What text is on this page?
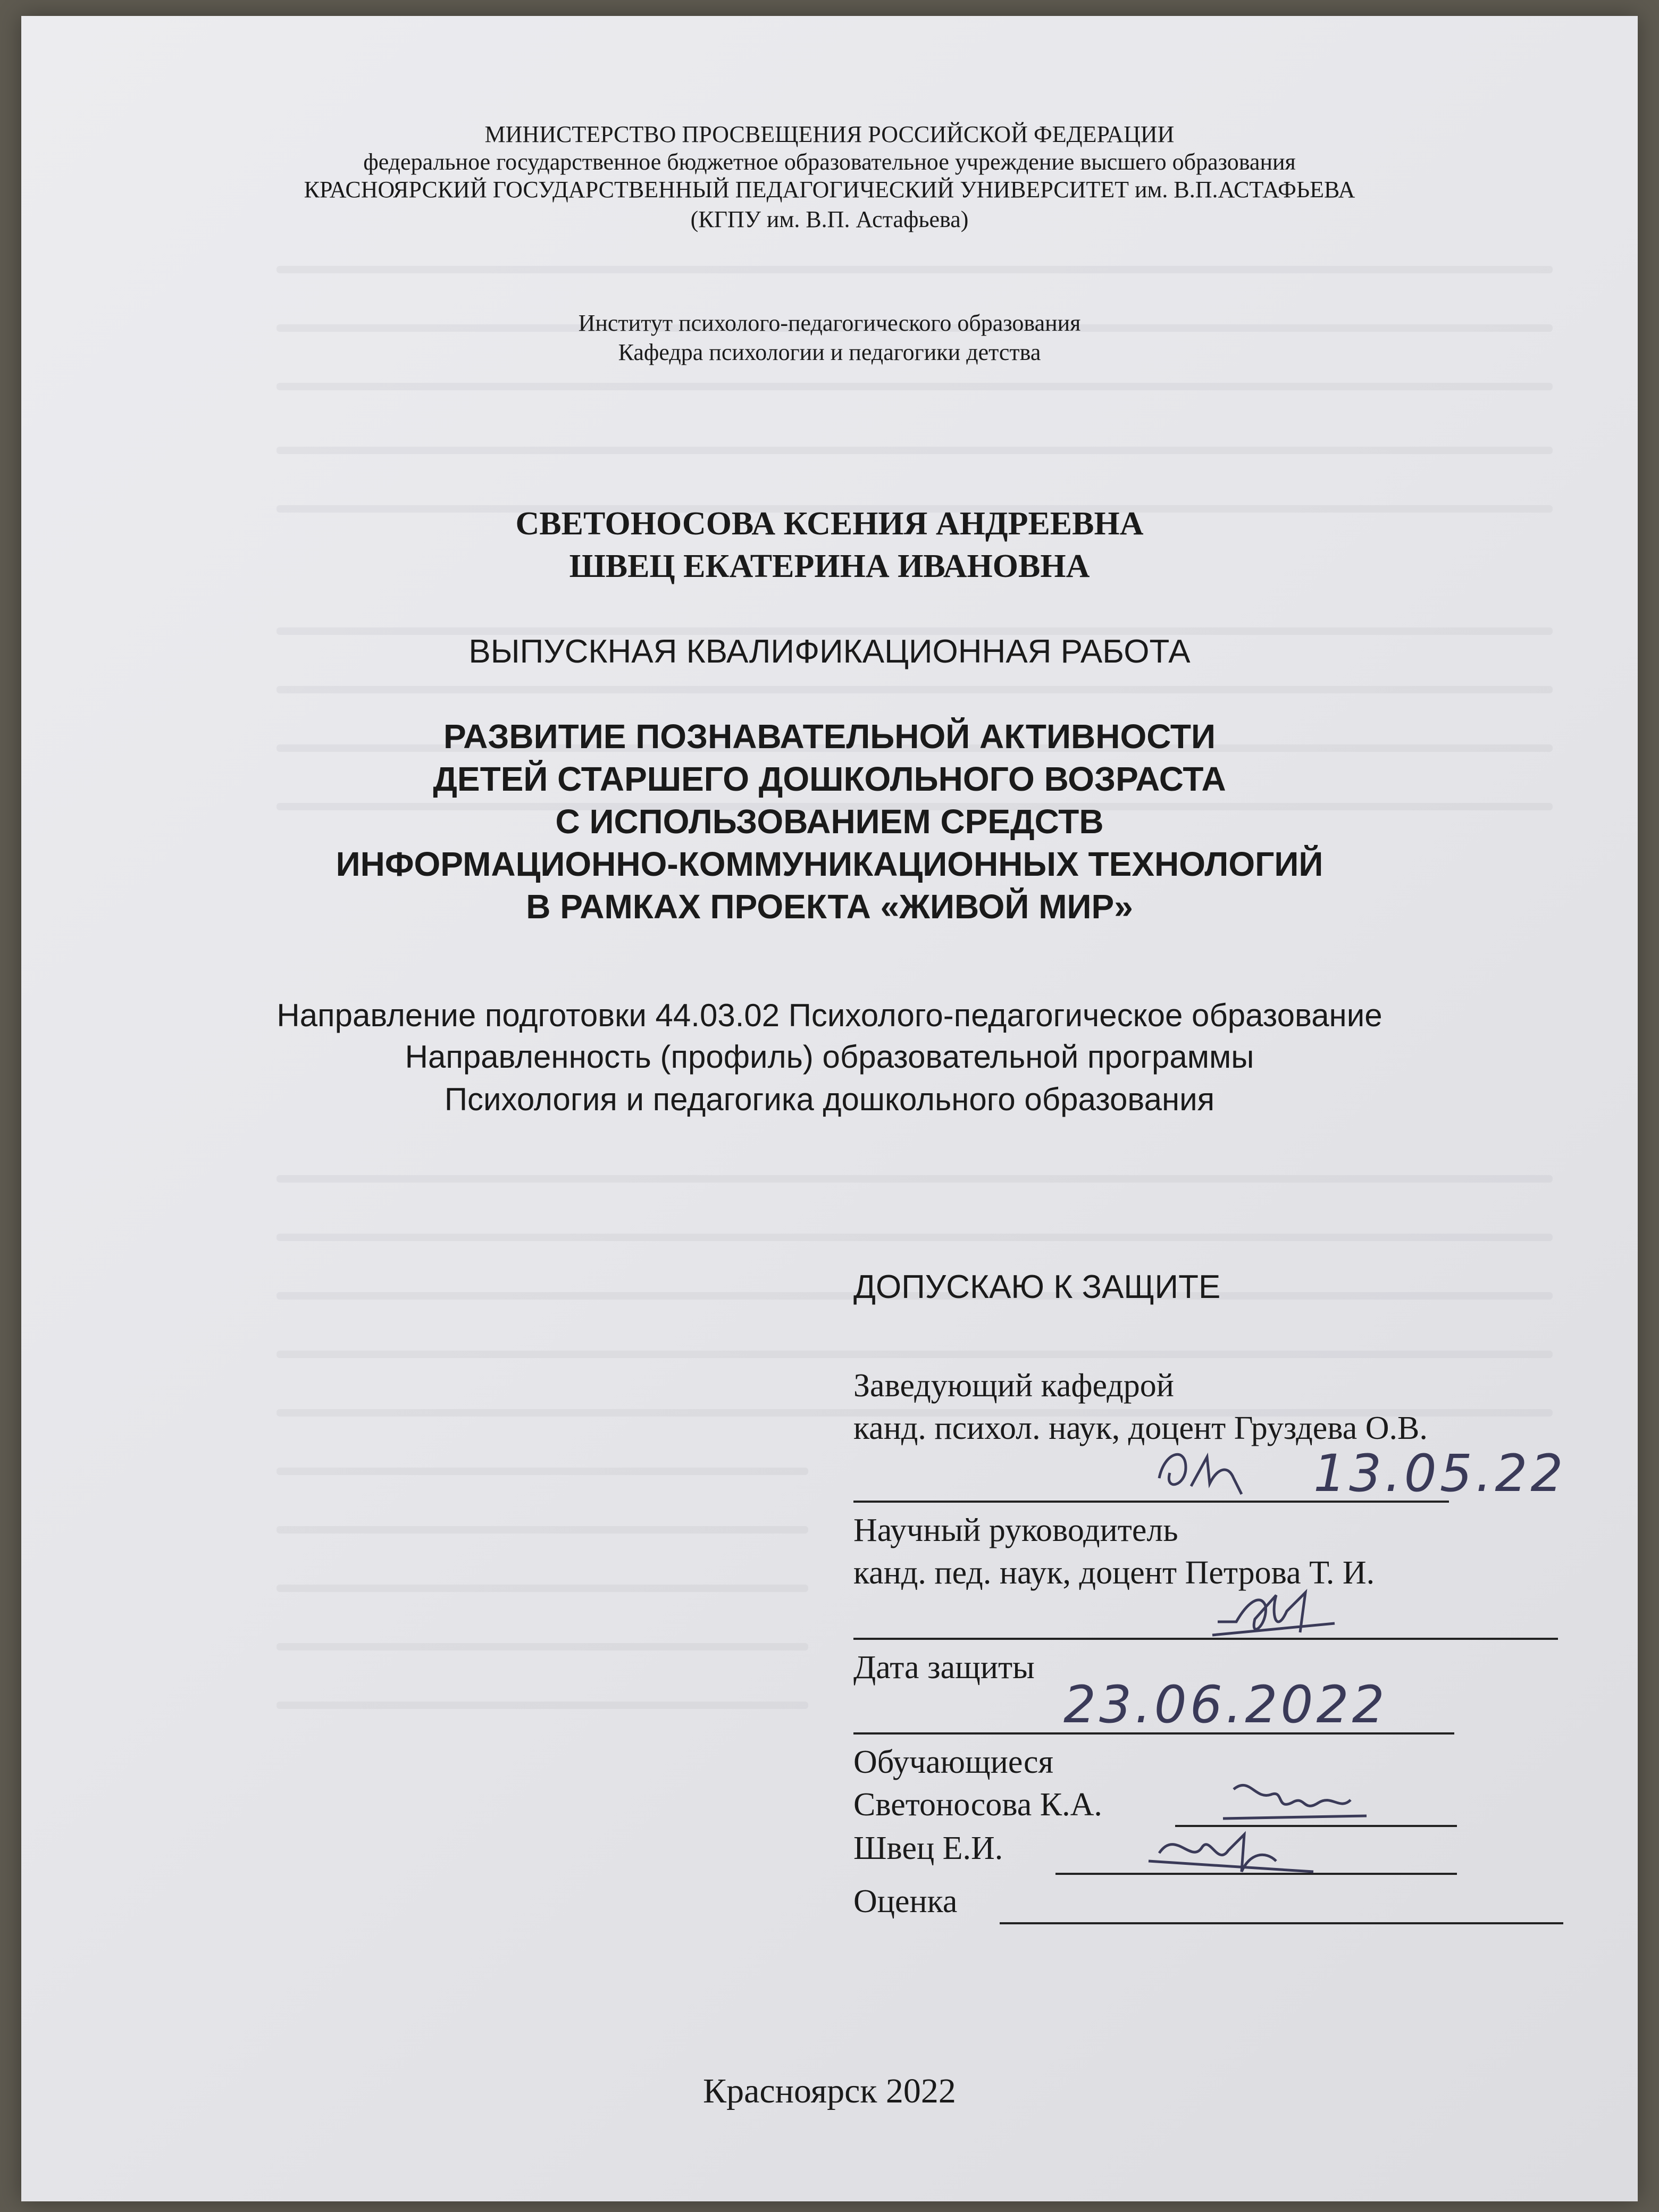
МИНИСТЕРСТВО ПРОСВЕЩЕНИЯ РОССИЙСКОЙ ФЕДЕРАЦИИ
федеральное государственное бюджетное образовательное учреждение высшего образования
КРАСНОЯРСКИЙ ГОСУДАРСТВЕННЫЙ ПЕДАГОГИЧЕСКИЙ УНИВЕРСИТЕТ им. В.П.АСТАФЬЕВА
(КГПУ им. В.П. Астафьева)
Институт психолого-педагогического образования
Кафедра психологии и педагогики детства
СВЕТОНОСОВА КСЕНИЯ АНДРЕЕВНА
ШВЕЦ ЕКАТЕРИНА ИВАНОВНА
ВЫПУСКНАЯ КВАЛИФИКАЦИОННАЯ РАБОТА
РАЗВИТИЕ ПОЗНАВАТЕЛЬНОЙ АКТИВНОСТИ
ДЕТЕЙ СТАРШЕГО ДОШКОЛЬНОГО ВОЗРАСТА
С ИСПОЛЬЗОВАНИЕМ СРЕДСТВ
ИНФОРМАЦИОННО-КОММУНИКАЦИОННЫХ ТЕХНОЛОГИЙ
В РАМКАХ ПРОЕКТА «ЖИВОЙ МИР»
Направление подготовки 44.03.02 Психолого-педагогическое образование
Направленность (профиль) образовательной программы
Психология и педагогика дошкольного образования
ДОПУСКАЮ К ЗАЩИТЕ
Заведующий кафедрой
канд. психол. наук, доцент Груздева О.В.
13.05.22
Научный руководитель
канд. пед. наук, доцент Петрова Т. И.
Дата защиты
23.06.2022
Обучающиеся
Светоносова К.А.
Швец Е.И.
Оценка
Красноярск 2022
